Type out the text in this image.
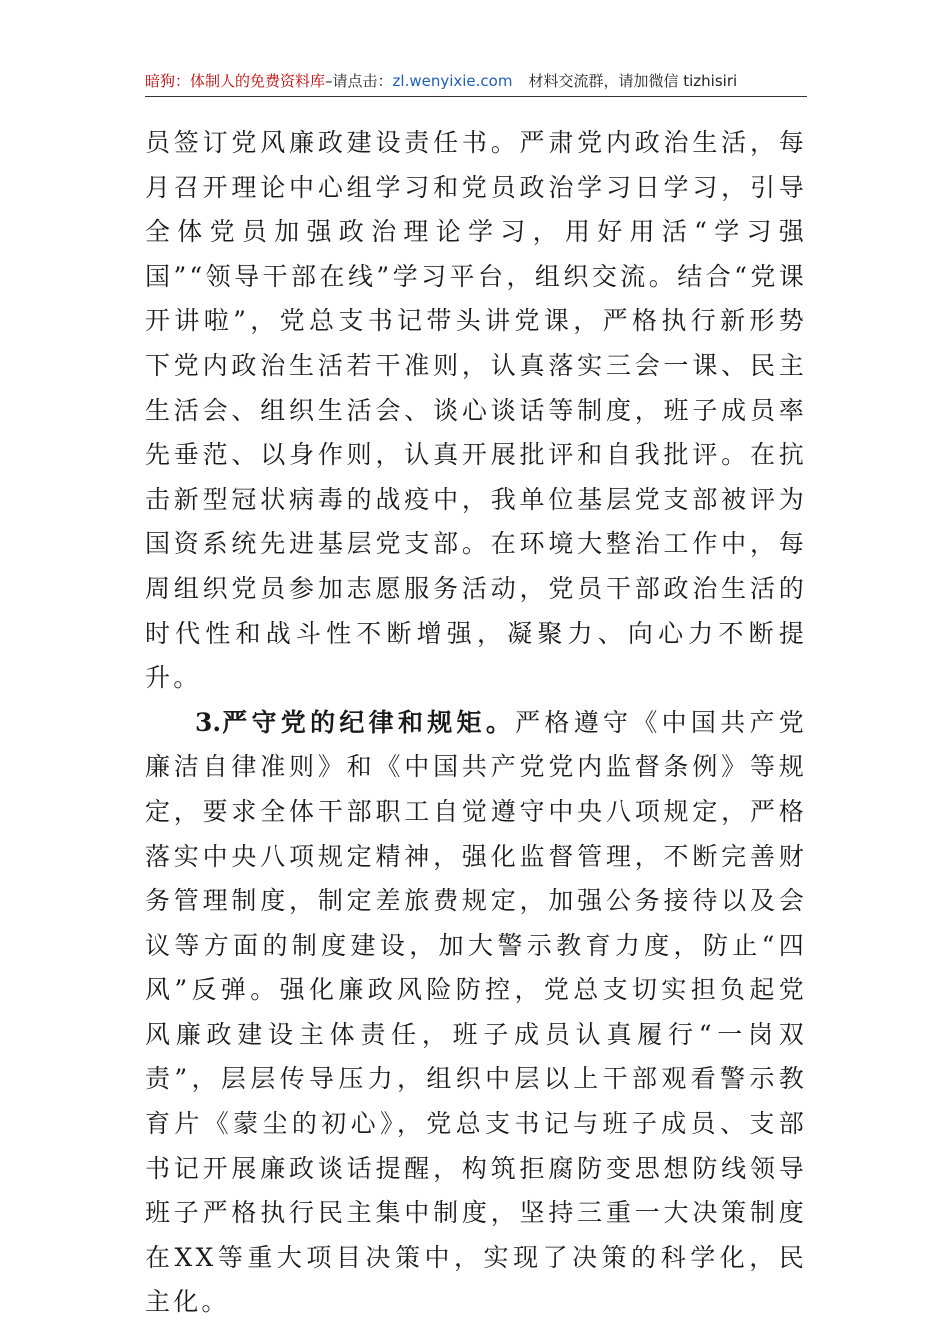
暗狗：体制人的免费资料库–请点击：zl.wenyixie.com 材料交流群，请加微信 tizhisiri

员签订党风廉政建设责任书。严肃党内政治生活，每月召开理论中心组学习和党员政治学习日学习，引导全体党员加强政治理论学习，用好用活“学习强国”“领导干部在线”学习平台，组织交流。结合“党课开讲啦”，党总支书记带头讲党课，严格执行新形势下党内政治生活若干准则，认真落实三会一课、民主生活会、组织生活会、谈心谈话等制度，班子成员率先垂范、以身作则，认真开展批评和自我批评。在抗击新型冠状病毒的战疫中，我单位基层党支部被评为国资系统先进基层党支部。在环境大整治工作中，每周组织党员参加志愿服务活动，党员干部政治生活的时代性和战斗性不断增强，凝聚力、向心力不断提升。

3.严守党的纪律和规矩。严格遵守《中国共产党廉洁自律准则》和《中国共产党党内监督条例》等规定，要求全体干部职工自觉遵守中央八项规定，严格落实中央八项规定精神，强化监督管理，不断完善财务管理制度，制定差旅费规定，加强公务接待以及会议等方面的制度建设，加大警示教育力度，防止“四风”反弹。强化廉政风险防控，党总支切实担负起党风廉政建设主体责任，班子成员认真履行“一岗双责”，层层传导压力，组织中层以上干部观看警示教育片《蒙尘的初心》，党总支书记与班子成员、支部书记开展廉政谈话提醒，构筑拒腐防变思想防线领导班子严格执行民主集中制度，坚持三重一大决策制度在XX等重大项目决策中，实现了决策的科学化，民主化。
